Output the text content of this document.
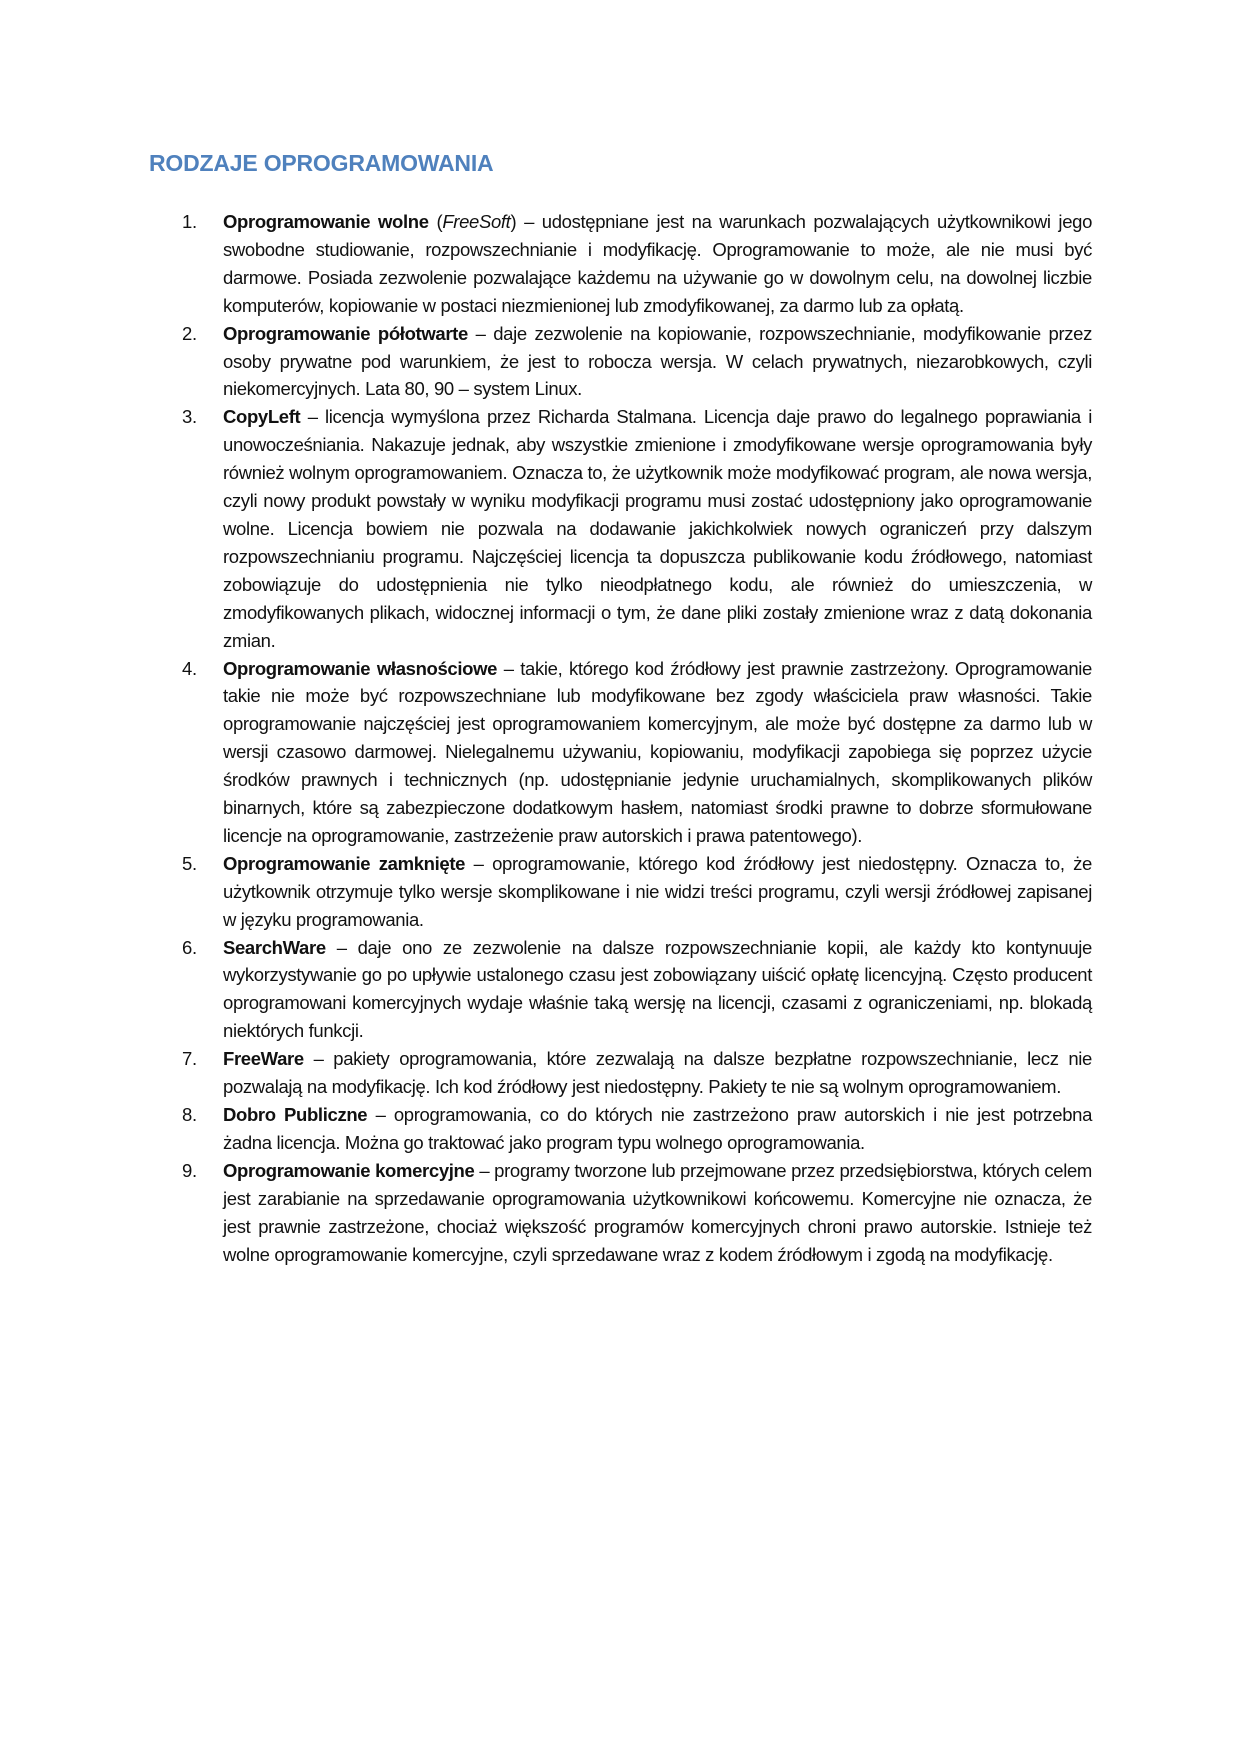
RODZAJE OPROGRAMOWANIA
1. Oprogramowanie wolne (FreeSoft) – udostępniane jest na warunkach pozwalających użytkownikowi jego swobodne studiowanie, rozpowszechnianie i modyfikację. Oprogramowanie to może, ale nie musi być darmowe. Posiada zezwolenie pozwalające każdemu na używanie go w dowolnym celu, na dowolnej liczbie komputerów, kopiowanie w postaci niezmienionej lub zmodyfikowanej, za darmo lub za opłatą.
2. Oprogramowanie półotwarte – daje zezwolenie na kopiowanie, rozpowszechnianie, modyfikowanie przez osoby prywatne pod warunkiem, że jest to robocza wersja. W celach prywatnych, niezarobkowych, czyli niekomercyjnych. Lata 80, 90 – system Linux.
3. CopyLeft – licencja wymyślona przez Richarda Stalmana. Licencja daje prawo do legalnego poprawiania i unowocześniania. Nakazuje jednak, aby wszystkie zmienione i zmodyfikowane wersje oprogramowania były również wolnym oprogramowaniem. Oznacza to, że użytkownik może modyfikować program, ale nowa wersja, czyli nowy produkt powstały w wyniku modyfikacji programu musi zostać udostępniony jako oprogramowanie wolne. Licencja bowiem nie pozwala na dodawanie jakichkolwiek nowych ograniczeń przy dalszym rozpowszechnianiu programu. Najczęściej licencja ta dopuszcza publikowanie kodu źródłowego, natomiast zobowiązuje do udostępnienia nie tylko nieodpłatnego kodu, ale również do umieszczenia, w zmodyfikowanych plikach, widocznej informacji o tym, że dane pliki zostały zmienione wraz z datą dokonania zmian.
4. Oprogramowanie własnościowe – takie, którego kod źródłowy jest prawnie zastrzeżony. Oprogramowanie takie nie może być rozpowszechniane lub modyfikowane bez zgody właściciela praw własności. Takie oprogramowanie najczęściej jest oprogramowaniem komercyjnym, ale może być dostępne za darmo lub w wersji czasowo darmowej. Nielegalnemu używaniu, kopiowaniu, modyfikacji zapobiega się poprzez użycie środków prawnych i technicznych (np. udostępnianie jedynie uruchamialnych, skomplikowanych plików binarnych, które są zabezpieczone dodatkowym hasłem, natomiast środki prawne to dobrze sformułowane licencje na oprogramowanie, zastrzeżenie praw autorskich i prawa patentowego).
5. Oprogramowanie zamknięte – oprogramowanie, którego kod źródłowy jest niedostępny. Oznacza to, że użytkownik otrzymuje tylko wersje skomplikowane i nie widzi treści programu, czyli wersji źródłowej zapisanej w języku programowania.
6. SearchWare – daje ono ze zezwolenie na dalsze rozpowszechnianie kopii, ale każdy kto kontynuuje wykorzystywanie go po upływie ustalonego czasu jest zobowiązany uiścić opłatę licencyjną. Często producent oprogramowani komercyjnych wydaje właśnie taką wersję na licencji, czasami z ograniczeniami, np. blokadą niektórych funkcji.
7. FreeWare – pakiety oprogramowania, które zezwalają na dalsze bezpłatne rozpowszechnianie, lecz nie pozwalają na modyfikację. Ich kod źródłowy jest niedostępny. Pakiety te nie są wolnym oprogramowaniem.
8. Dobro Publiczne – oprogramowania, co do których nie zastrzeżono praw autorskich i nie jest potrzebna żadna licencja. Można go traktować jako program typu wolnego oprogramowania.
9. Oprogramowanie komercyjne – programy tworzone lub przejmowane przez przedsiębiorstwa, których celem jest zarabianie na sprzedawanie oprogramowania użytkownikowi końcowemu. Komercyjne nie oznacza, że jest prawnie zastrzeżone, chociaż większość programów komercyjnych chroni prawo autorskie. Istnieje też wolne oprogramowanie komercyjne, czyli sprzedawane wraz z kodem źródłowym i zgodą na modyfikację.
